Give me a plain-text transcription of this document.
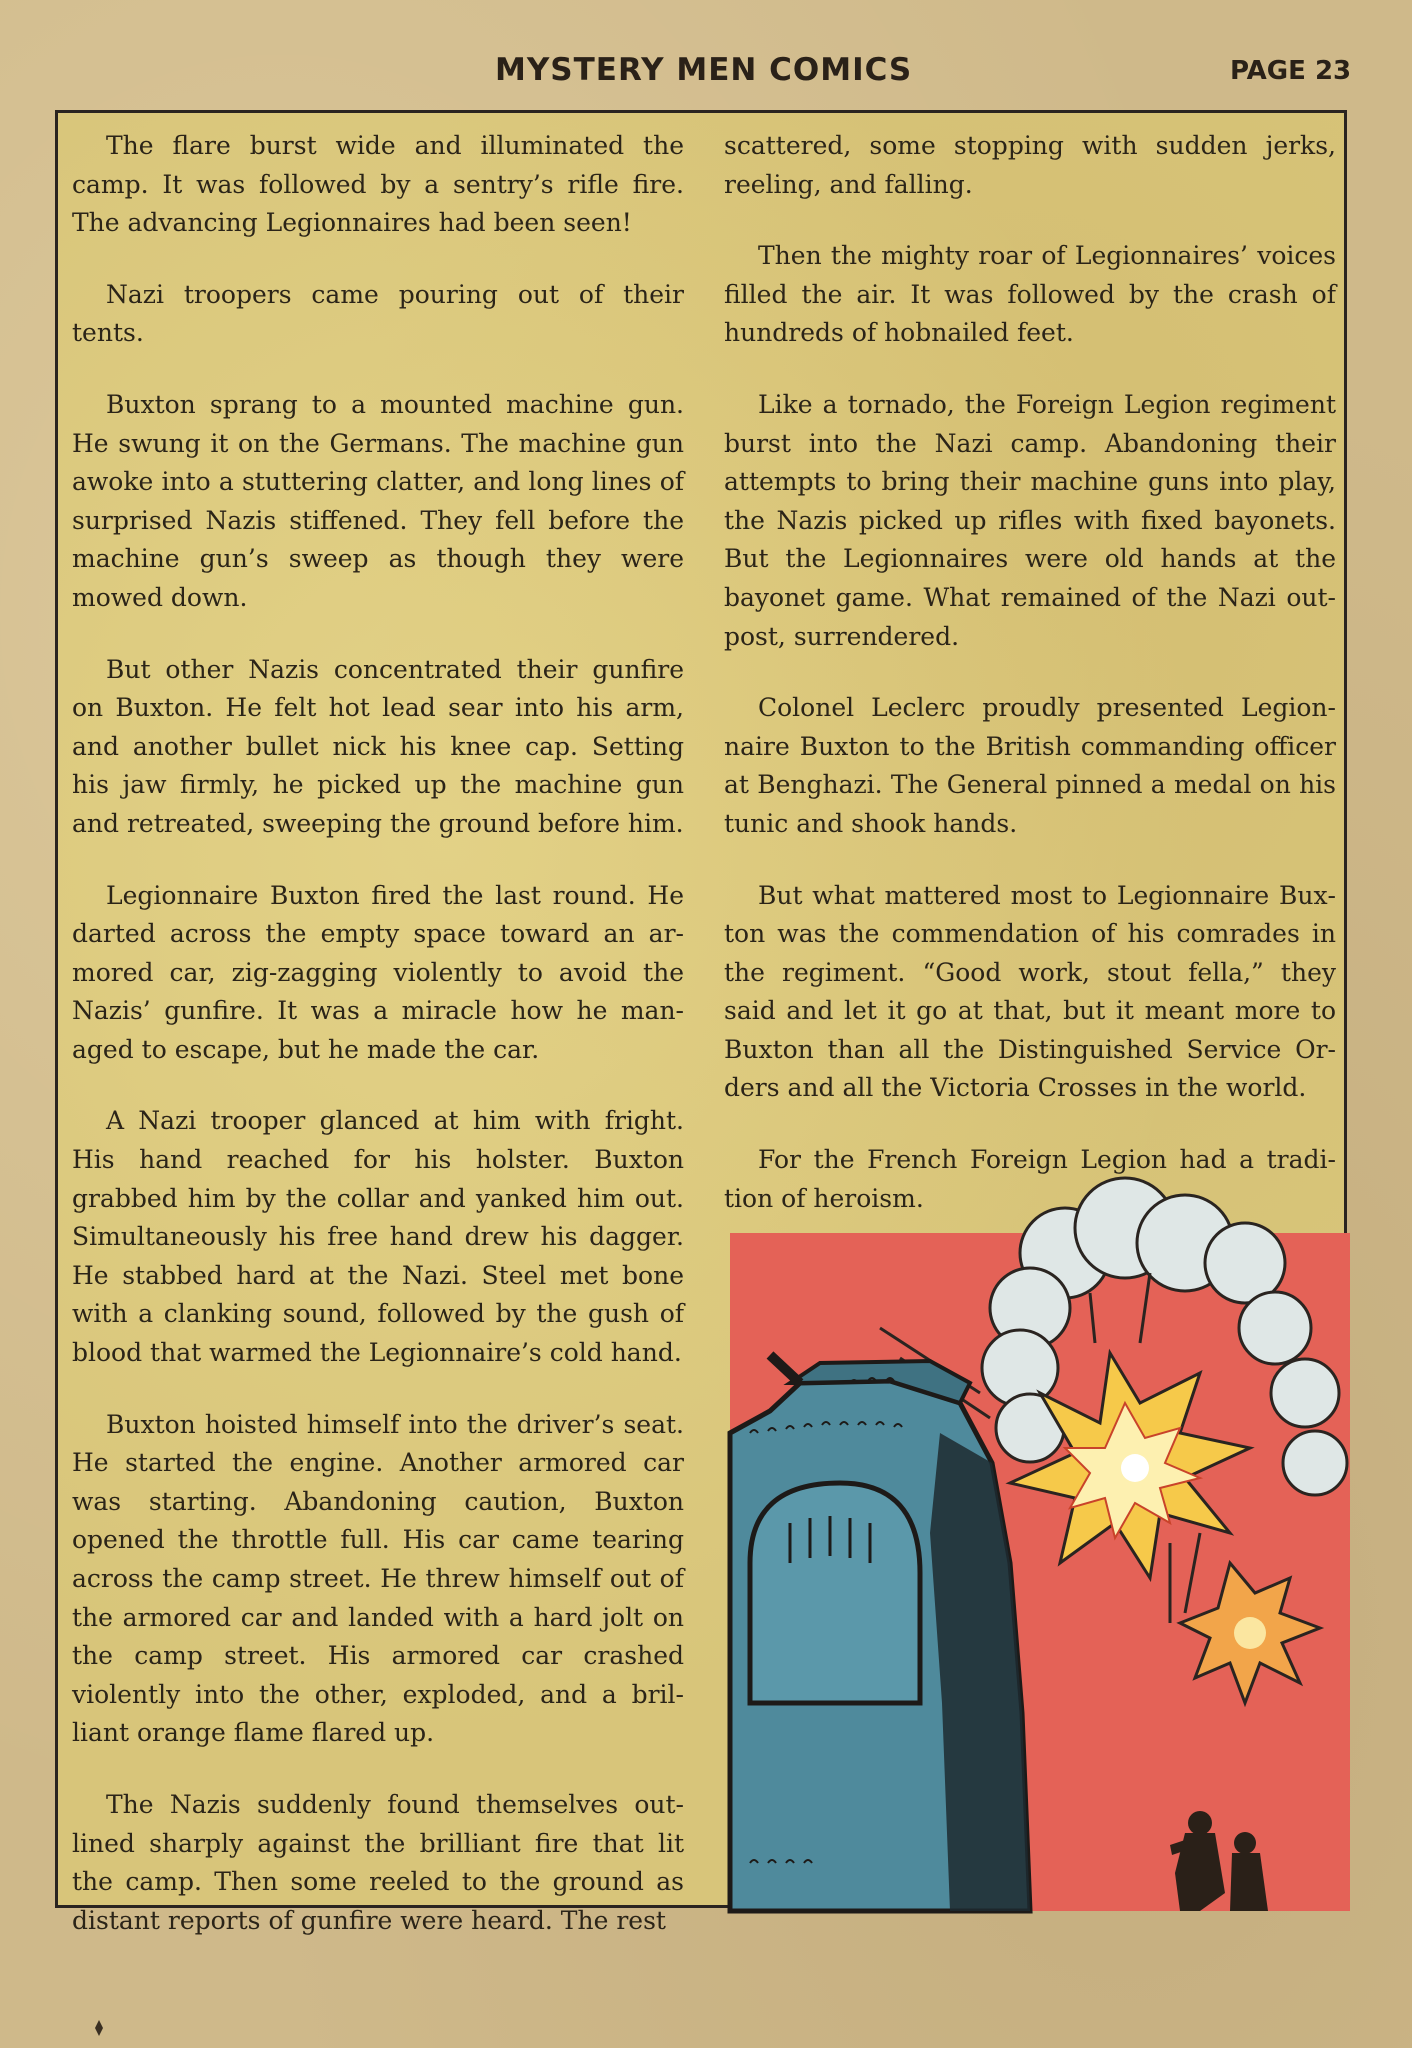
MYSTERY MEN COMICS	PAGE 23

The flare burst wide and illuminated the camp. It was followed by a sentry’s rifle fire. The advancing Legionnaires had been seen!

Nazi troopers came pouring out of their tents.

Buxton sprang to a mounted machine gun. He swung it on the Germans. The machine gun awoke into a stuttering clatter, and long lines of surprised Nazis stiffened. They fell before the machine gun’s sweep as though they were mowed down.

But other Nazis concentrated their gunfire on Buxton. He felt hot lead sear into his arm, and another bullet nick his knee cap. Setting his jaw firmly, he picked up the machine gun and retreated, sweeping the ground before him.

Legionnaire Buxton fired the last round. He darted across the empty space toward an armored car, zig-zagging violently to avoid the Nazis’ gunfire. It was a miracle how he managed to escape, but he made the car.

A Nazi trooper glanced at him with fright. His hand reached for his holster. Buxton grabbed him by the collar and yanked him out. Simultaneously his free hand drew his dagger. He stabbed hard at the Nazi. Steel met bone with a clanking sound, followed by the gush of blood that warmed the Legionnaire’s cold hand.

Buxton hoisted himself into the driver’s seat. He started the engine. Another armored car was starting. Abandoning caution, Buxton opened the throttle full. His car came tearing across the camp street. He threw himself out of the armored car and landed with a hard jolt on the camp street. His armored car crashed violently into the other, exploded, and a brilliant orange flame flared up.

The Nazis suddenly found themselves outlined sharply against the brilliant fire that lit the camp. Then some reeled to the ground as distant reports of gunfire were heard. The rest

scattered, some stopping with sudden jerks, reeling, and falling.

Then the mighty roar of Legionnaires’ voices filled the air. It was followed by the crash of hundreds of hobnailed feet.

Like a tornado, the Foreign Legion regiment burst into the Nazi camp. Abandoning their attempts to bring their machine guns into play, the Nazis picked up rifles with fixed bayonets. But the Legionnaires were old hands at the bayonet game. What remained of the Nazi outpost, surrendered.

Colonel Leclerc proudly presented Legionnaire Buxton to the British commanding officer at Benghazi. The General pinned a medal on his tunic and shook hands.

But what mattered most to Legionnaire Buxton was the commendation of his comrades in the regiment. “Good work, stout fella,” they said and let it go at that, but it meant more to Buxton than all the Distinguished Service Orders and all the Victoria Crosses in the world.

For the French Foreign Legion had a tradition of heroism.
